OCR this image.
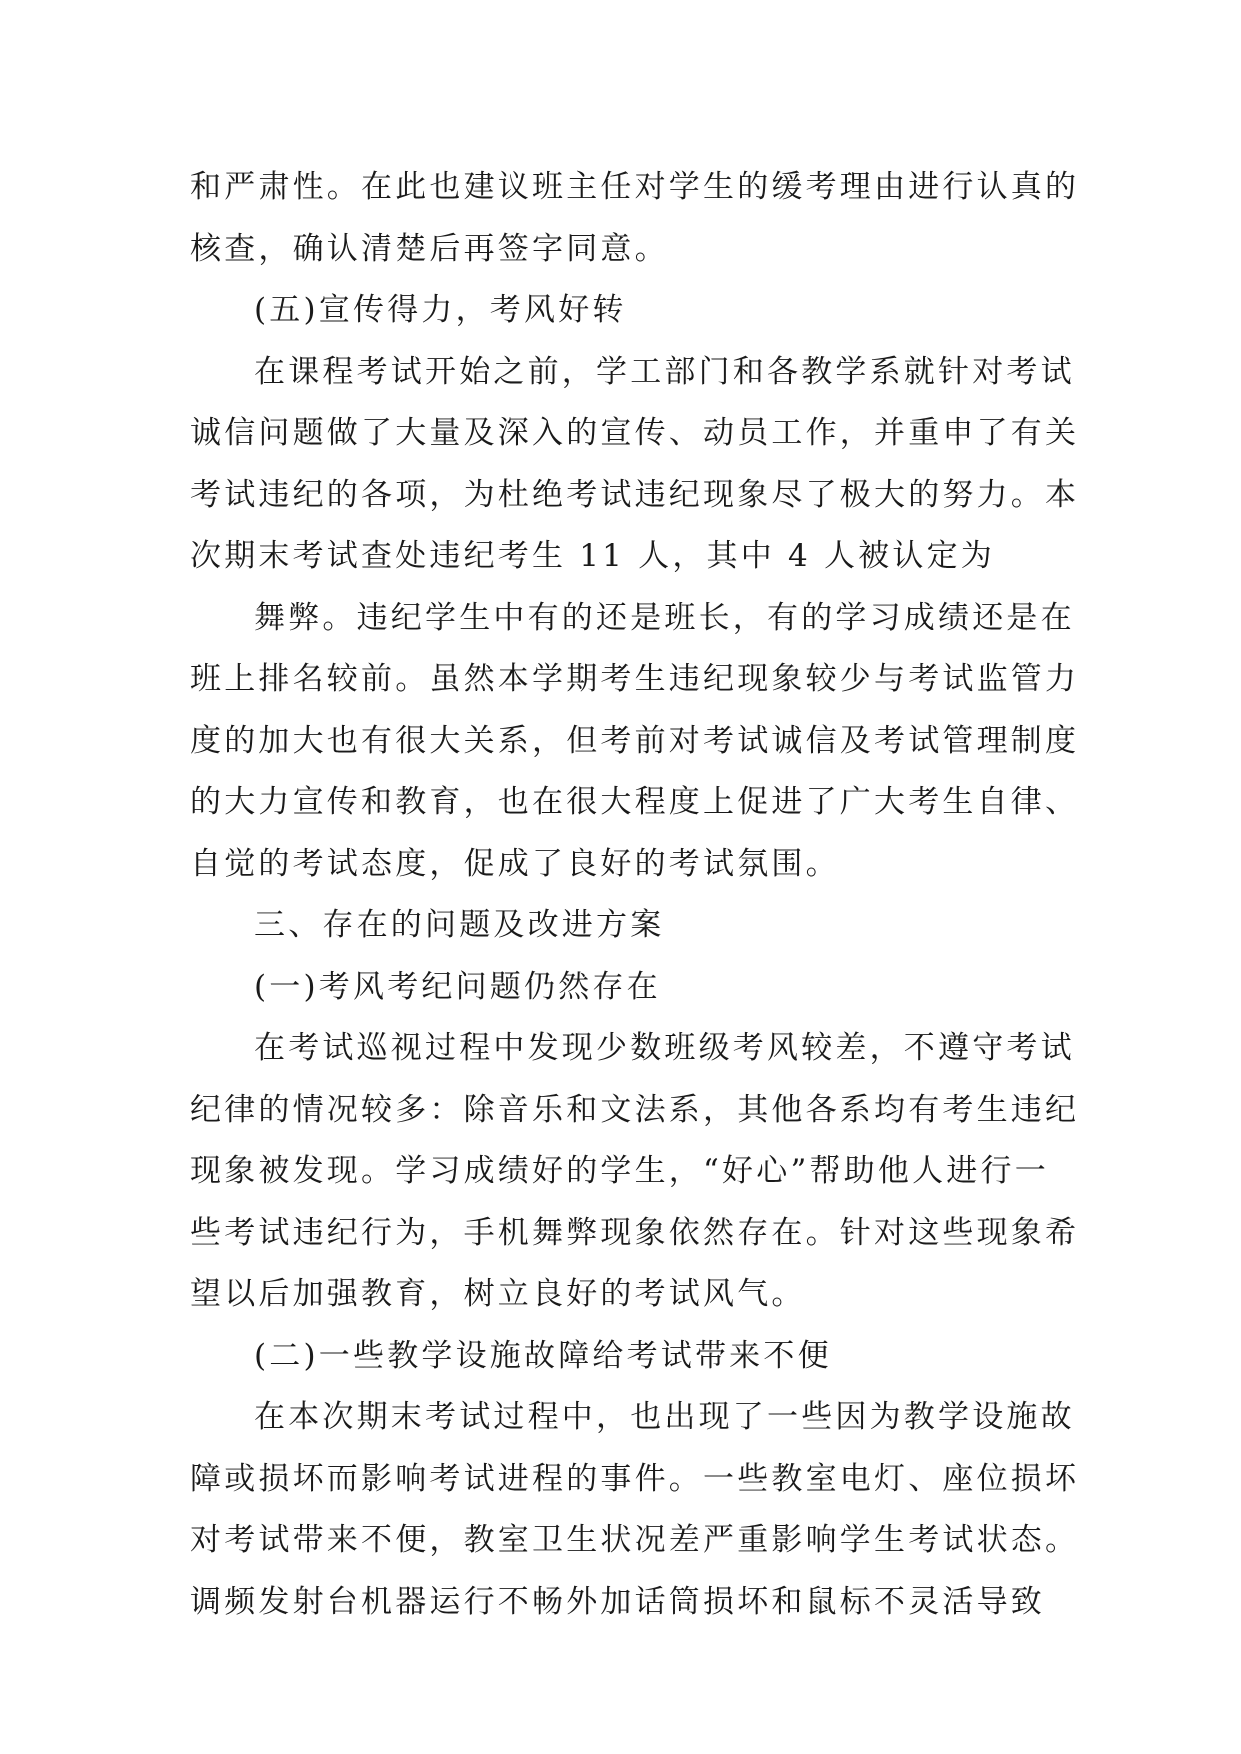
和严肃性。在此也建议班主任对学生的缓考理由进行认真的
核查，确认清楚后再签字同意。
(五)宣传得力，考风好转
在课程考试开始之前，学工部门和各教学系就针对考试
诚信问题做了大量及深入的宣传、动员工作，并重申了有关
考试违纪的各项，为杜绝考试违纪现象尽了极大的努力。本
次期末考试查处违纪考生 11 人，其中 4 人被认定为
舞弊。违纪学生中有的还是班长，有的学习成绩还是在
班上排名较前。虽然本学期考生违纪现象较少与考试监管力
度的加大也有很大关系，但考前对考试诚信及考试管理制度
的大力宣传和教育，也在很大程度上促进了广大考生自律、
自觉的考试态度，促成了良好的考试氛围。
三、存在的问题及改进方案
(一)考风考纪问题仍然存在
在考试巡视过程中发现少数班级考风较差，不遵守考试
纪律的情况较多：除音乐和文法系，其他各系均有考生违纪
现象被发现。学习成绩好的学生，“好心”帮助他人进行一
些考试违纪行为，手机舞弊现象依然存在。针对这些现象希
望以后加强教育，树立良好的考试风气。
(二)一些教学设施故障给考试带来不便
在本次期末考试过程中，也出现了一些因为教学设施故
障或损坏而影响考试进程的事件。一些教室电灯、座位损坏
对考试带来不便，教室卫生状况差严重影响学生考试状态。
调频发射台机器运行不畅外加话筒损坏和鼠标不灵活导致
